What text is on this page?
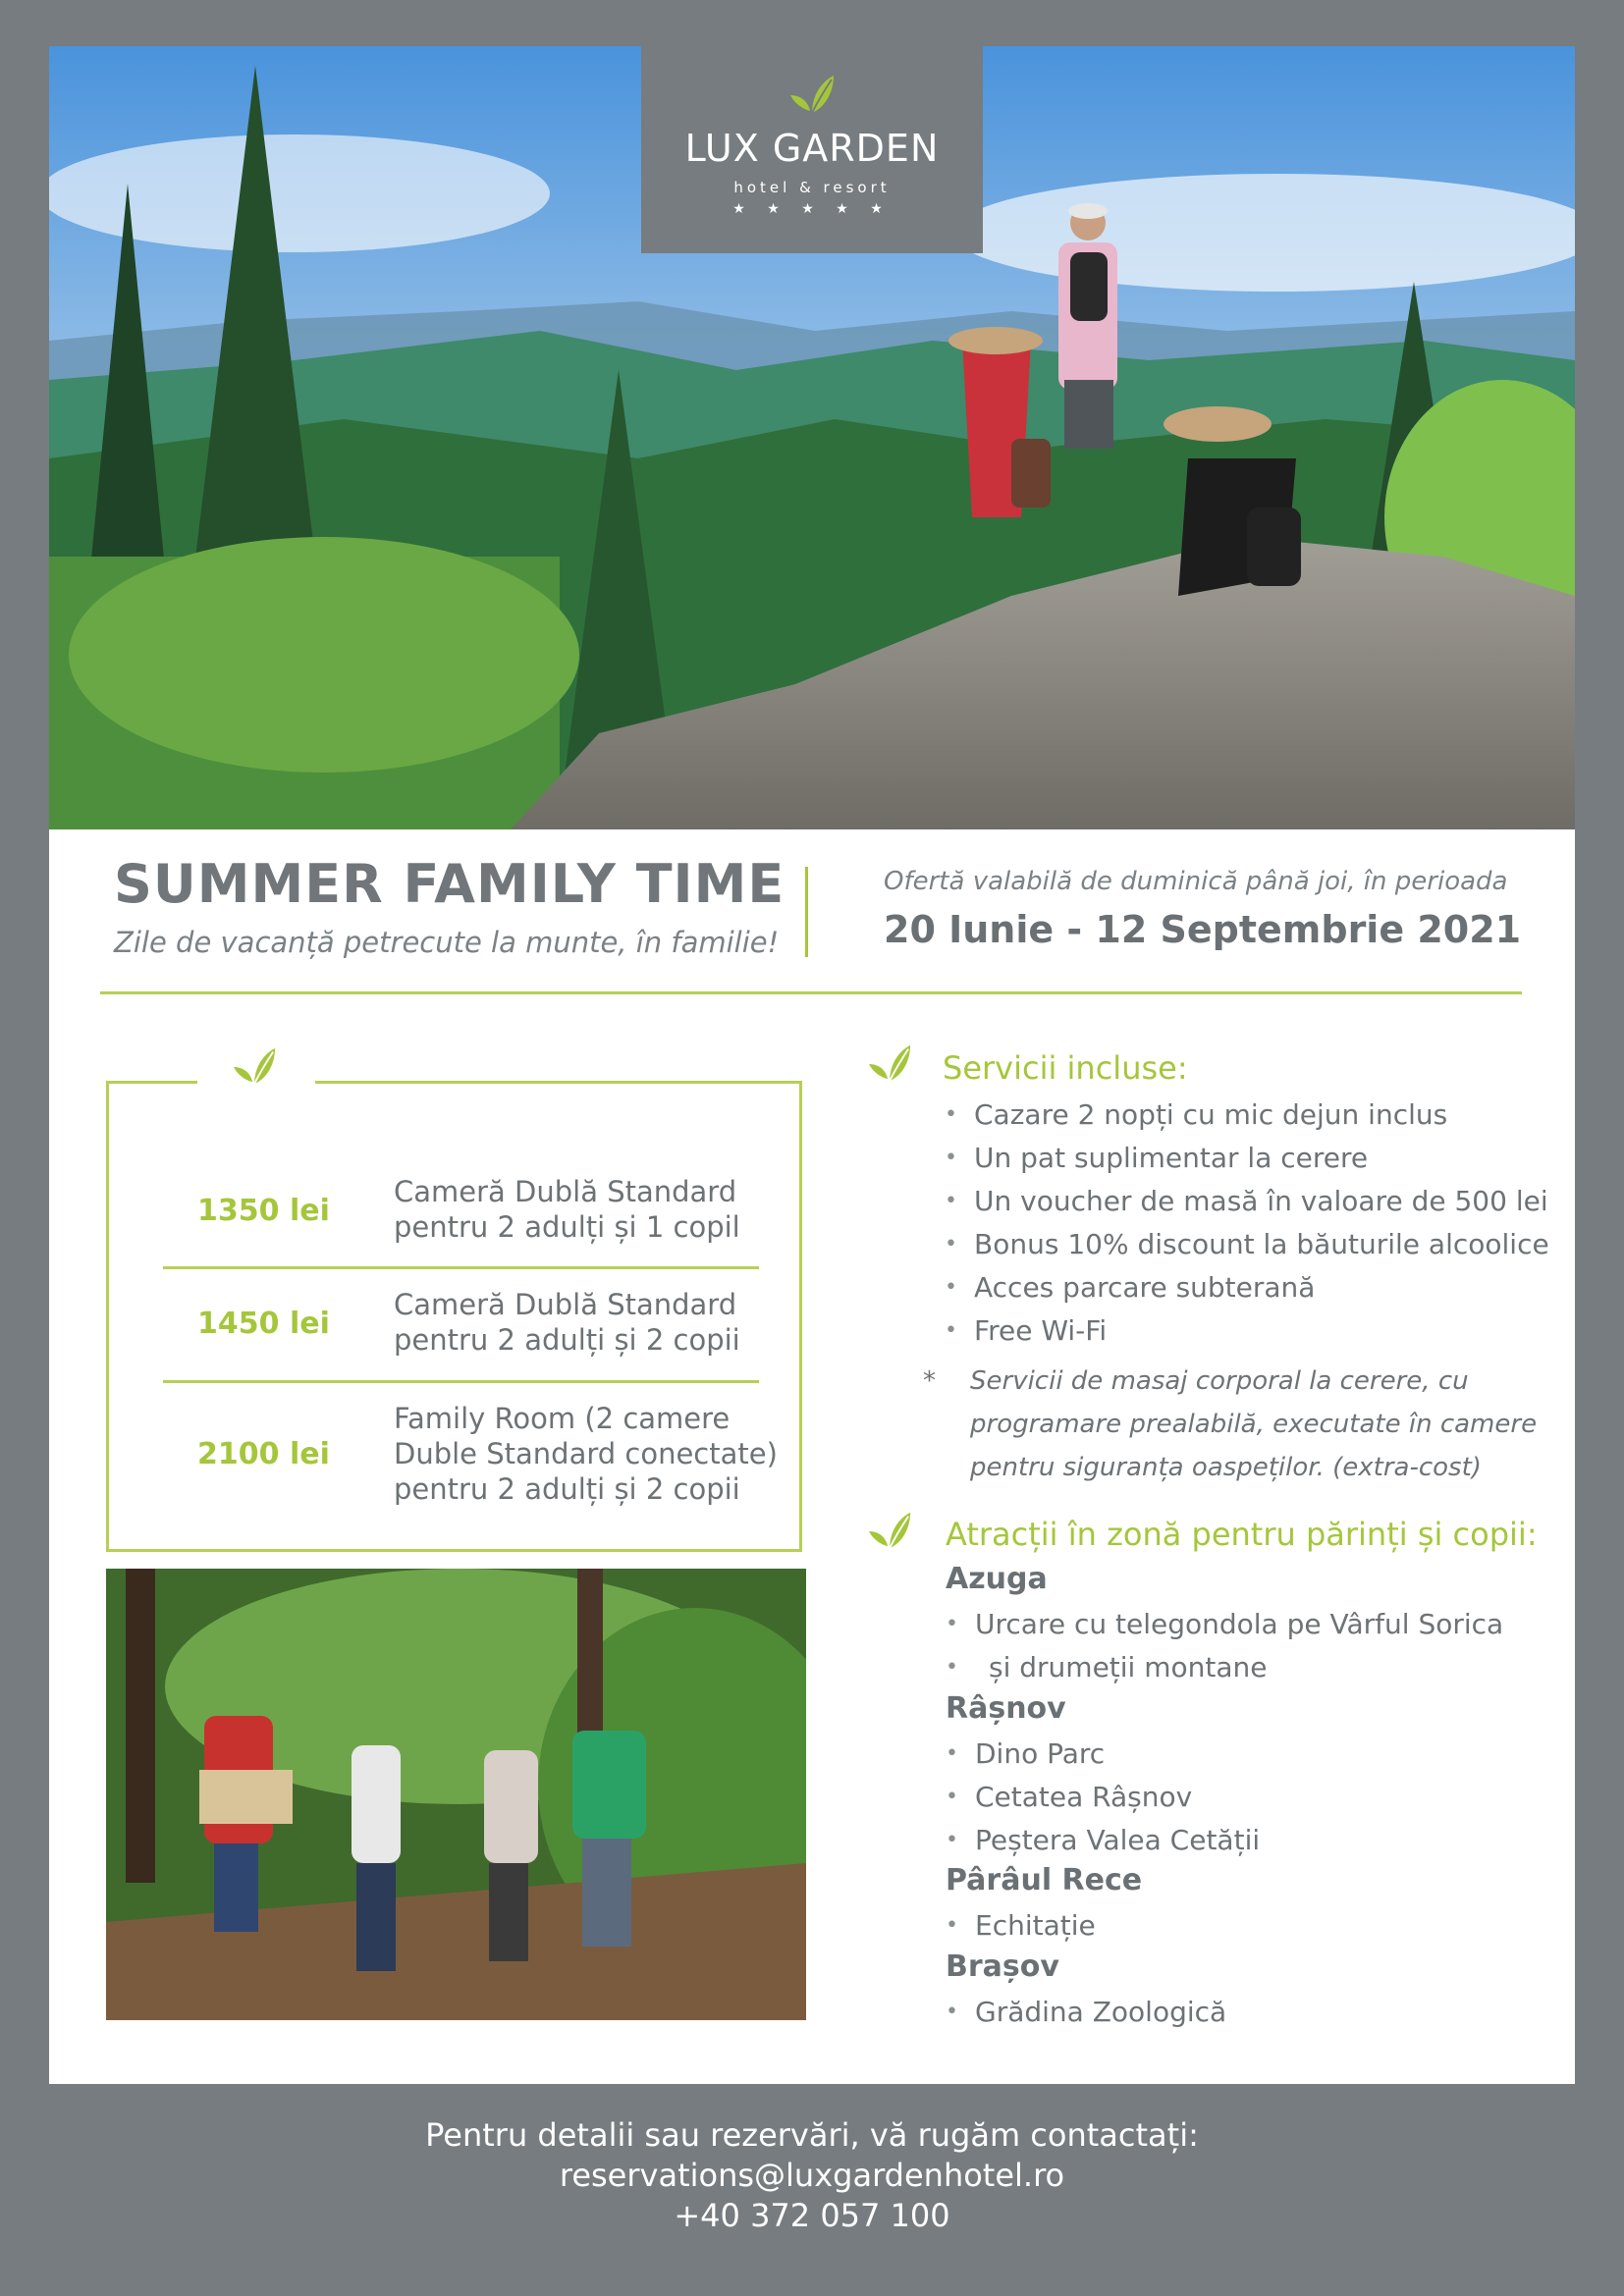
LUX GARDEN
hotel & resort
★ ★ ★ ★ ★
SUMMER FAMILY TIME
Zile de vacanță petrecute la munte, în familie!
Ofertă valabilă de duminică până joi, în perioada
20 Iunie - 12 Septembrie 2021
1350 lei
Cameră Dublă Standard
pentru 2 adulți și 1 copil
1450 lei
Cameră Dublă Standard
pentru 2 adulți și 2 copii
2100 lei
Family Room (2 camere
Duble Standard conectate)
pentru 2 adulți și 2 copii
Servicii incluse:
• Cazare 2 nopți cu mic dejun inclus
• Un pat suplimentar la cerere
• Un voucher de masă în valoare de 500 lei
• Bonus 10% discount la băuturile alcoolice
• Acces parcare subterană
• Free Wi-Fi
*	Servicii de masaj corporal la cerere, cu
programare prealabilă, executate în camere
pentru siguranța oaspeților. (extra-cost)
Atracții în zonă pentru părinți și copii:
Azuga
• Urcare cu telegondola pe Vârful Sorica
• și drumeții montane
Râșnov
• Dino Parc
• Cetatea Râșnov
• Peștera Valea Cetății
Pârâul Rece
• Echitație
Brașov
• Grădina Zoologică
Pentru detalii sau rezervări, vă rugăm contactați:
reservations@luxgardenhotel.ro
+40 372 057 100
